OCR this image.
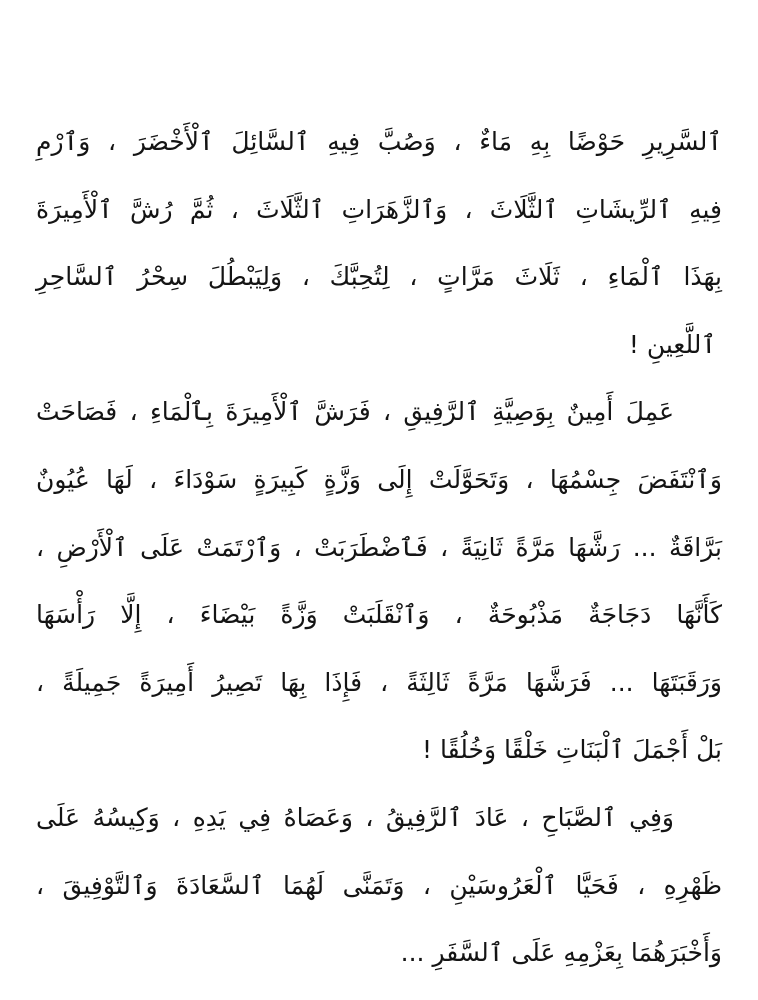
ٱلسَّرِيرِ حَوْضًا بِهِ مَاءٌ ، وَصُبَّ فِيهِ ٱلسَّائِلَ ٱلْأَخْضَرَ ، وَٱرْمِ
فِيهِ ٱلرِّيشَاتِ ٱلثَّلَاثَ ، وَٱلزَّهَرَاتِ ٱلثَّلَاثَ ، ثُمَّ رُشَّ ٱلْأَمِيرَةَ
بِهَذَا ٱلْمَاءِ ، ثَلَاثَ مَرَّاتٍ ، لِتُحِبَّكَ ، وَلِيَبْطُلَ سِحْرُ ٱلسَّاحِرِ
ٱللَّعِينِ !
عَمِلَ أَمِينٌ بِوَصِيَّةِ ٱلرَّفِيقِ ، فَرَشَّ ٱلْأَمِيرَةَ بِٱلْمَاءِ ، فَصَاحَتْ
وَٱنْتَفَضَ جِسْمُهَا ، وَتَحَوَّلَتْ إِلَى وَزَّةٍ كَبِيرَةٍ سَوْدَاءَ ، لَهَا عُيُونٌ
بَرَّاقَةٌ ... رَشَّهَا مَرَّةً ثَانِيَةً ، فَٱضْطَرَبَتْ ، وَٱرْتَمَتْ عَلَى ٱلْأَرْضِ ،
كَأَنَّهَا دَجَاجَةٌ مَذْبُوحَةٌ ، وَٱنْقَلَبَتْ وَزَّةً بَيْضَاءَ ، إِلَّا رَأْسَهَا
وَرَقَبَتَهَا ... فَرَشَّهَا مَرَّةً ثَالِثَةً ، فَإِذَا بِهَا تَصِيرُ أَمِيرَةً جَمِيلَةً ،
بَلْ أَجْمَلَ ٱلْبَنَاتِ خَلْقًا وَخُلُقًا !
وَفِي ٱلصَّبَاحِ ، عَادَ ٱلرَّفِيقُ ، وَعَصَاهُ فِي يَدِهِ ، وَكِيسُهُ عَلَى
ظَهْرِهِ ، فَحَيَّا ٱلْعَرُوسَيْنِ ، وَتَمَنَّى لَهُمَا ٱلسَّعَادَةَ وَٱلتَّوْفِيقَ ،
وَأَخْبَرَهُمَا بِعَزْمِهِ عَلَى ٱلسَّفَرِ ...
